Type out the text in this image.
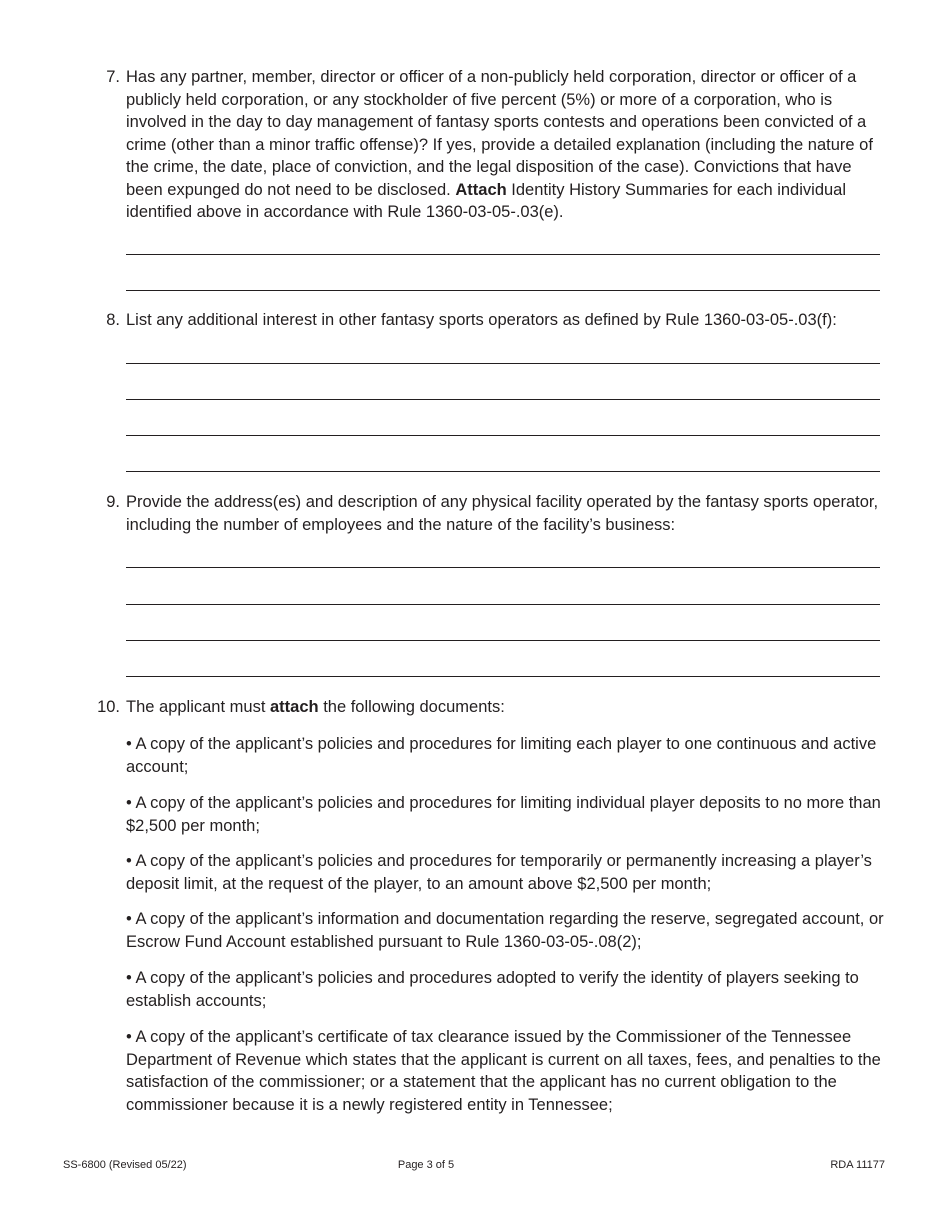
7. Has any partner, member, director or officer of a non-publicly held corporation, director or officer of a publicly held corporation, or any stockholder of five percent (5%) or more of a corporation, who is involved in the day to day management of fantasy sports contests and operations been convicted of a crime (other than a minor traffic offense)? If yes, provide a detailed explanation (including the nature of the crime, the date, place of conviction, and the legal disposition of the case). Convictions that have been expunged do not need to be disclosed. Attach Identity History Summaries for each individual identified above in accordance with Rule 1360-03-05-.03(e).
8. List any additional interest in other fantasy sports operators as defined by Rule 1360-03-05-.03(f):
9. Provide the address(es) and description of any physical facility operated by the fantasy sports operator, including the number of employees and the nature of the facility’s business:
10. The applicant must attach the following documents:
• A copy of the applicant’s policies and procedures for limiting each player to one continuous and active account;
• A copy of the applicant’s policies and procedures for limiting individual player deposits to no more than $2,500 per month;
• A copy of the applicant’s policies and procedures for temporarily or permanently increasing a player’s deposit limit, at the request of the player, to an amount above $2,500 per month;
• A copy of the applicant’s information and documentation regarding the reserve, segregated account, or Escrow Fund Account established pursuant to Rule 1360-03-05-.08(2);
• A copy of the applicant’s policies and procedures adopted to verify the identity of players seeking to establish accounts;
• A copy of the applicant’s certificate of tax clearance issued by the Commissioner of the Tennessee Department of Revenue which states that the applicant is current on all taxes, fees, and penalties to the satisfaction of the commissioner; or a statement that the applicant has no current obligation to the commissioner because it is a newly registered entity in Tennessee;
SS-6800 (Revised 05/22)	Page 3 of 5	RDA 11177
